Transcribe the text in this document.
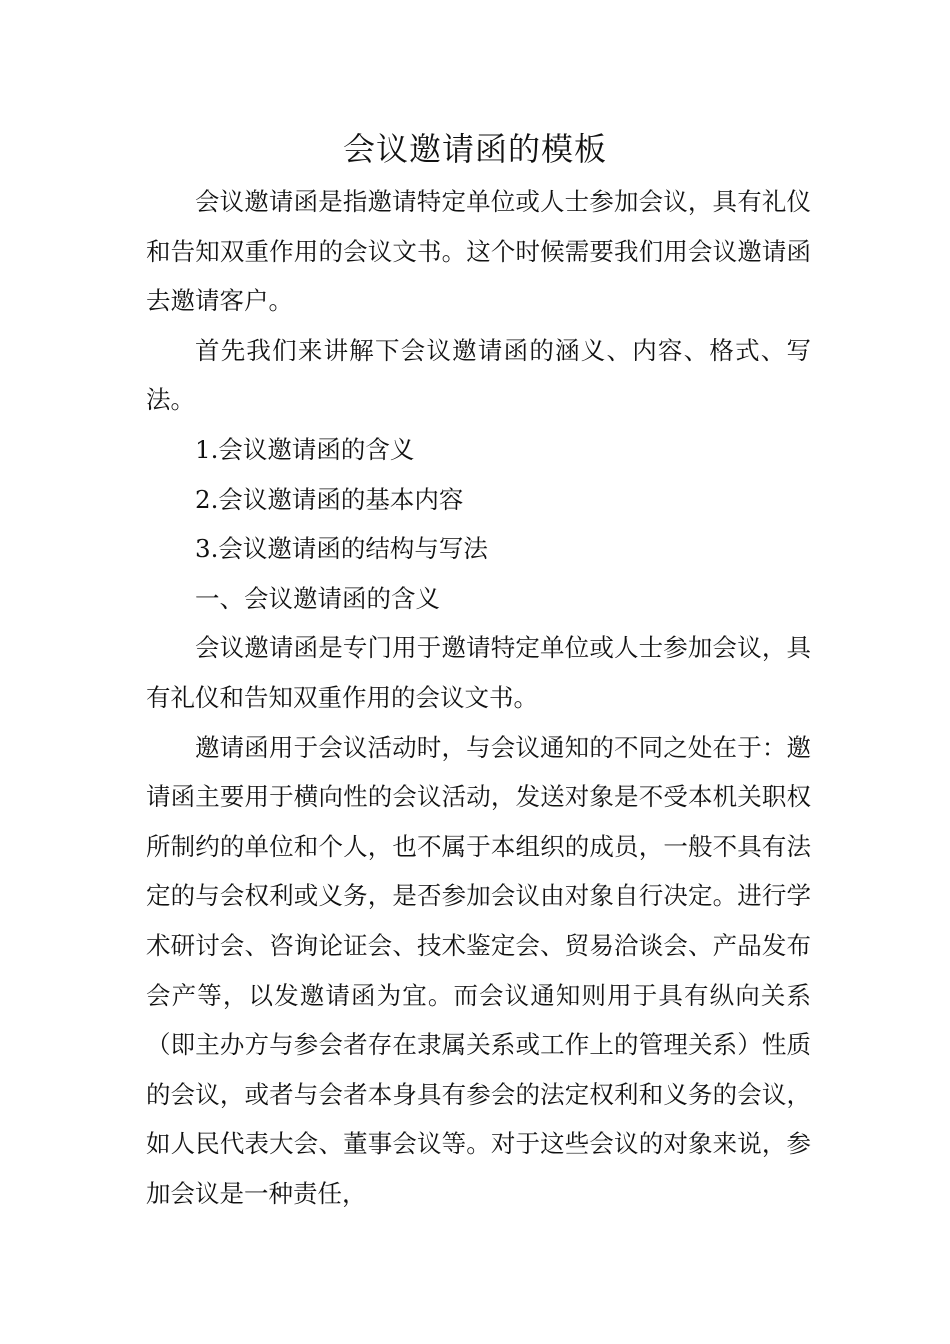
会议邀请函的模板

会议邀请函是指邀请特定单位或人士参加会议，具有礼仪和告知双重作用的会议文书。这个时候需要我们用会议邀请函去邀请客户。

首先我们来讲解下会议邀请函的涵义、内容、格式、写法。

1.会议邀请函的含义

2.会议邀请函的基本内容

3.会议邀请函的结构与写法

一、会议邀请函的含义

会议邀请函是专门用于邀请特定单位或人士参加会议，具有礼仪和告知双重作用的会议文书。

邀请函用于会议活动时，与会议通知的不同之处在于：邀请函主要用于横向性的会议活动，发送对象是不受本机关职权所制约的单位和个人，也不属于本组织的成员，一般不具有法定的与会权利或义务，是否参加会议由对象自行决定。进行学术研讨会、咨询论证会、技术鉴定会、贸易洽谈会、产品发布会产等，以发邀请函为宜。而会议通知则用于具有纵向关系（即主办方与参会者存在隶属关系或工作上的管理关系）性质的会议，或者与会者本身具有参会的法定权利和义务的会议，如人民代表大会、董事会议等。对于这些会议的对象来说，参加会议是一种责任，
